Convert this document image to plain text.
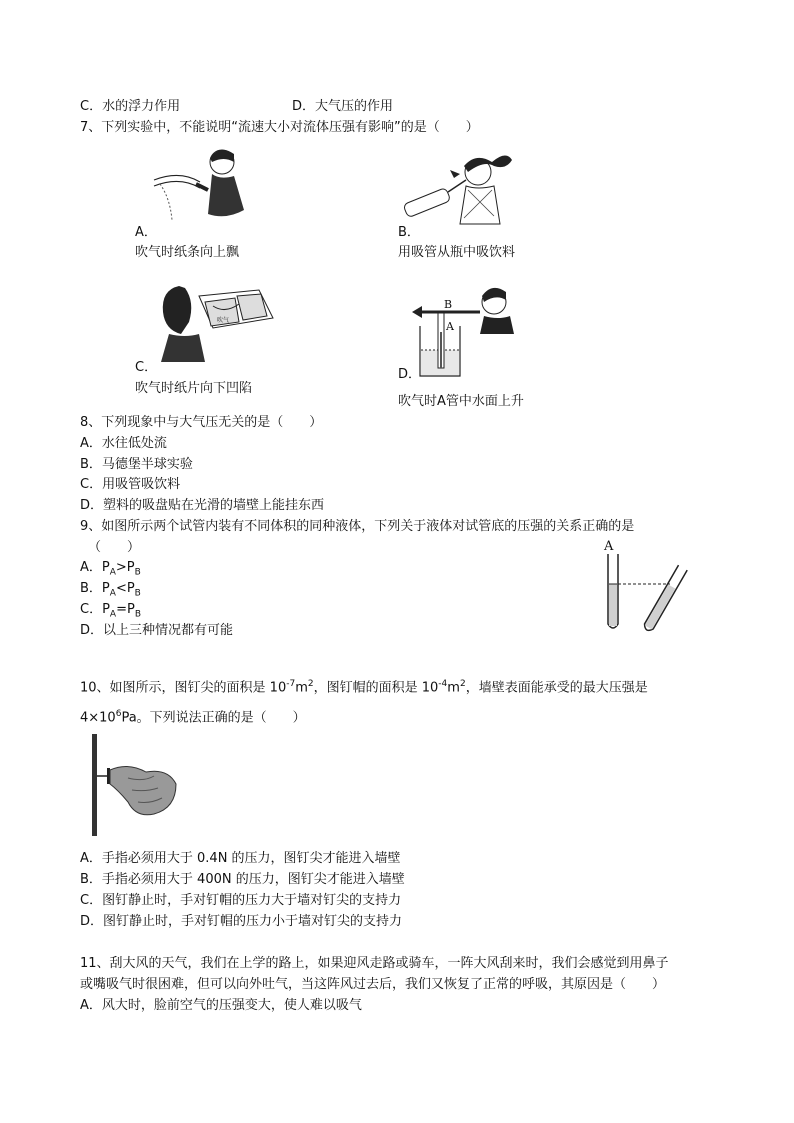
C．水的浮力作用	D．大气压的作用
7、下列实验中，不能说明“流速大小对流体压强有影响”的是（　　）
A．
吹气时纸条向上飘
B．
用吸管从瓶中吸饮料
吹气
C．
吹气时纸片向下凹陷
B
A
D．
吹气时A管中水面上升
8、下列现象中与大气压无关的是（　　）
A．水往低处流
B．马德堡半球实验
C．用吸管吸饮料
D．塑料的吸盘贴在光滑的墙壁上能挂东西
9、如图所示两个试管内装有不同体积的同种液体，下列关于液体对试管底的压强的关系正确的是
（　　）
A．$P_A>P_B$
B．$P_A<P_B$
C．$P_A=P_B$
D．以上三种情况都有可能
A
10、如图所示，图钉尖的面积是 $10^{-7}m^2$，图钉帽的面积是 $10^{-4}m^2$，墙壁表面能承受的最大压强是
$4\times 10^6Pa$。下列说法正确的是（　　）
A．手指必须用大于 0.4N 的压力，图钉尖才能进入墙壁
B．手指必须用大于 400N 的压力，图钉尖才能进入墙壁
C．图钉静止时，手对钉帽的压力大于墙对钉尖的支持力
D．图钉静止时，手对钉帽的压力小于墙对钉尖的支持力
11、刮大风的天气，我们在上学的路上，如果迎风走路或骑车，一阵大风刮来时，我们会感觉到用鼻子
或嘴吸气时很困难，但可以向外吐气，当这阵风过去后，我们又恢复了正常的呼吸，其原因是（　　）
A．风大时，脸前空气的压强变大，使人难以吸气
